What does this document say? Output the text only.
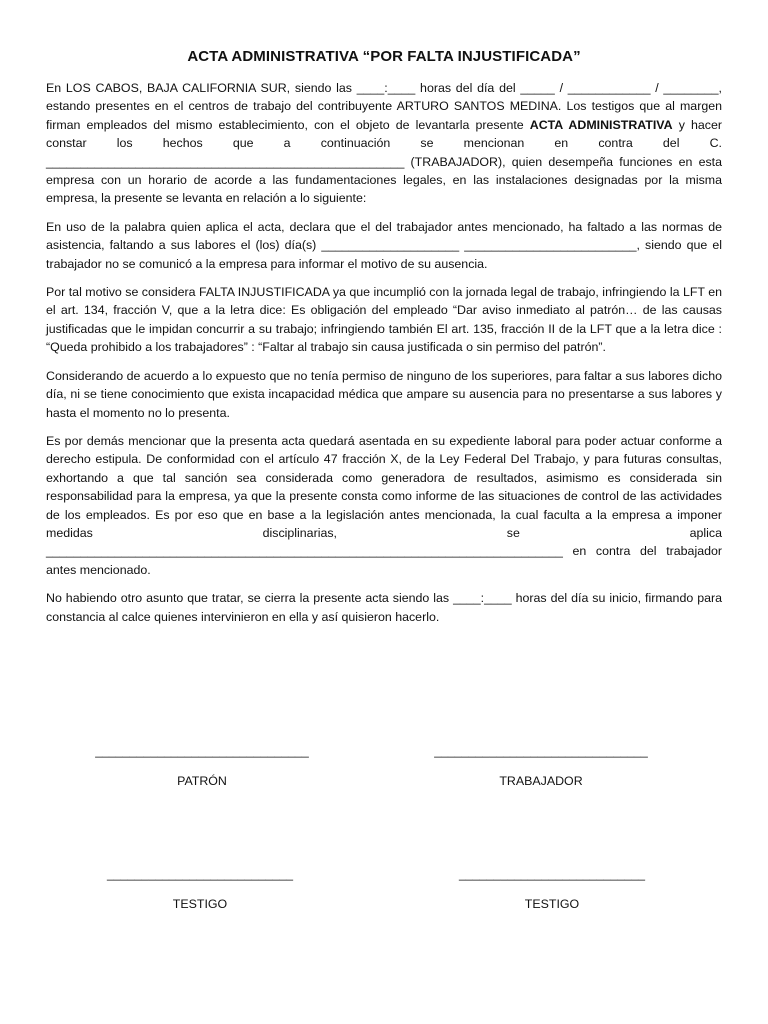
ACTA ADMINISTRATIVA “POR FALTA INJUSTIFICADA”

En LOS CABOS, BAJA CALIFORNIA SUR, siendo las ____:____ horas del día del _____ / ____________ / ________, estando presentes en el centros de trabajo del contribuyente ARTURO SANTOS MEDINA. Los testigos que al margen firman empleados del mismo establecimiento, con el objeto de levantarla presente ACTA ADMINISTRATIVA y hacer constar los hechos que a continuación se mencionan en contra del C. ____________________________________________________ (TRABAJADOR), quien desempeña funciones en esta empresa con un horario de acorde a las fundamentaciones legales, en las instalaciones designadas por la misma empresa, la presente se levanta en relación a lo siguiente:

En uso de la palabra quien aplica el acta, declara que el del trabajador antes mencionado, ha faltado a las normas de asistencia, faltando a sus labores el (los) día(s) ____________________ _________________________, siendo que el trabajador no se comunicó a la empresa para informar el motivo de su ausencia.

Por tal motivo se considera FALTA INJUSTIFICADA ya que incumplió con la jornada legal de trabajo, infringiendo la LFT en el art. 134, fracción V, que a la letra dice: Es obligación del empleado “Dar aviso inmediato al patrón… de las causas justificadas que le impidan concurrir a su trabajo; infringiendo también El art. 135, fracción II de la LFT que a la letra dice : “Queda prohibido a los trabajadores” : “Faltar al trabajo sin causa justificada o sin permiso del patrón”.

Considerando de acuerdo a lo expuesto que no tenía permiso de ninguno de los superiores, para faltar a sus labores dicho día, ni se tiene conocimiento que exista incapacidad médica que ampare su ausencia para no presentarse a sus labores y hasta el momento no lo presenta.

Es por demás mencionar que la presenta acta quedará asentada en su expediente laboral para poder actuar conforme a derecho estipula. De conformidad con el artículo 47 fracción X, de la Ley Federal Del Trabajo, y para futuras consultas, exhortando a que tal sanción sea considerada como generadora de resultados, asimismo es considerada sin responsabilidad para la empresa, ya que la presente consta como informe de las situaciones de control de las actividades de los empleados. Es por eso que en base a la legislación antes mencionada, la cual faculta a la empresa a imponer medidas disciplinarias, se aplica ___________________________________________________________________________ en contra del trabajador antes mencionado.

No habiendo otro asunto que tratar, se cierra la presente acta siendo las ____:____ horas del día su inicio, firmando para constancia al calce quienes intervinieron en ella y así quisieron hacerlo.

_______________________________
PATRÓN
_______________________________
TRABAJADOR
___________________________
TESTIGO
___________________________
TESTIGO
